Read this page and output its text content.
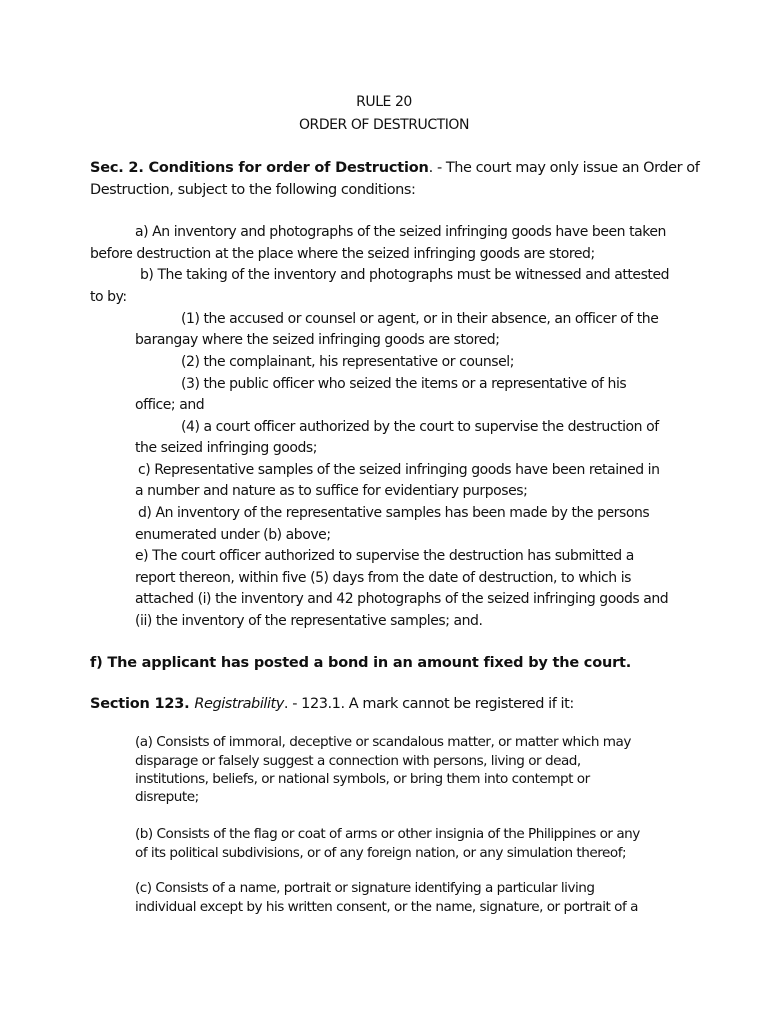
RULE 20
ORDER OF DESTRUCTION
Sec. 2. Conditions for order of Destruction. - The court may only issue an Order of
Destruction, subject to the following conditions:
a) An inventory and photographs of the seized infringing goods have been taken
before destruction at the place where the seized infringing goods are stored;
b) The taking of the inventory and photographs must be witnessed and attested
to by:
(1) the accused or counsel or agent, or in their absence, an officer of the
barangay where the seized infringing goods are stored;
(2) the complainant, his representative or counsel;
(3) the public officer who seized the items or a representative of his
office; and
(4) a court officer authorized by the court to supervise the destruction of
the seized infringing goods;
c) Representative samples of the seized infringing goods have been retained in
a number and nature as to suffice for evidentiary purposes;
d) An inventory of the representative samples has been made by the persons
enumerated under (b) above;
e) The court officer authorized to supervise the destruction has submitted a
report thereon, within five (5) days from the date of destruction, to which is
attached (i) the inventory and 42 photographs of the seized infringing goods and
(ii) the inventory of the representative samples; and.
f) The applicant has posted a bond in an amount fixed by the court.
Section 123. Registrability. - 123.1. A mark cannot be registered if it:
(a) Consists of immoral, deceptive or scandalous matter, or matter which may
disparage or falsely suggest a connection with persons, living or dead,
institutions, beliefs, or national symbols, or bring them into contempt or
disrepute;
(b) Consists of the flag or coat of arms or other insignia of the Philippines or any
of its political subdivisions, or of any foreign nation, or any simulation thereof;
(c) Consists of a name, portrait or signature identifying a particular living
individual except by his written consent, or the name, signature, or portrait of a
